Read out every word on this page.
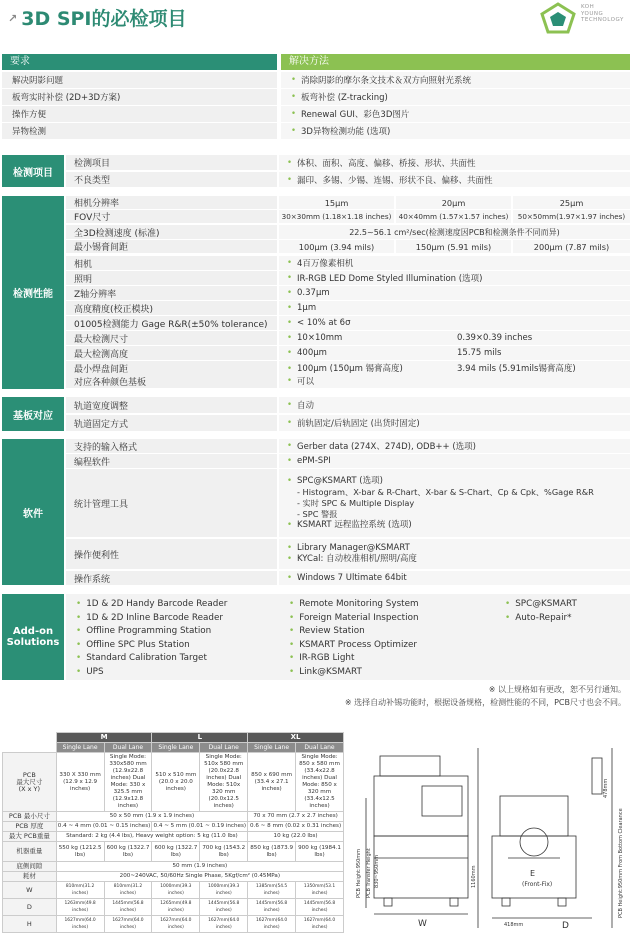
↗ 3D SPI的必检项目
KOH
YOUNG
TECHNOLOGY
要求	解决方法
解决阴影问题	• 消除阴影的摩尔条文技术＆双方向照射光系统
板弯实时补偿 (2D+3D方案)	• 板弯补偿 (Z-tracking)
操作方便	• Renewal GUI、彩色3D图片
异物检测	• 3D异物检测功能 (选项)
检测项目
检测项目	• 体积、面积、高度、偏移、桥接、形状、共面性
不良类型	• 漏印、多锡、少锡、连锡、形状不良、偏移、共面性
检测性能
相机分辨率	15μm	20μm	25μm
FOV尺寸	30×30mm (1.18×1.18 inches)	40×40mm (1.57×1.57 inches)	50×50mm(1.97×1.97 inches)
全3D检测速度 (标准)	22.5~56.1 cm²/sec(检测速度因PCB和检测条件不同而异)
最小锡膏间距	100μm (3.94 mils)	150μm (5.91 mils)	200μm (7.87 mils)
相机	• 4百万像素相机
照明	• IR-RGB LED Dome Styled Illumination (选项)
Z轴分辨率	• 0.37μm
高度精度(校正模块)	• 1μm
01005检测能力 Gage R&R(±50% tolerance)	• < 10% at 6σ
最大检测尺寸	• 10×10mm	0.39×0.39 inches
最大检测高度	• 400μm	15.75 mils
最小焊盘间距	• 100μm (150μm 锡膏高度)	3.94 mils (5.91mils锡膏高度)
对应各种颜色基板	• 可以
基板对应
轨道宽度调整	• 自动
轨道固定方式	• 前轨固定/后轨固定 (出货时固定)
软件
支持的输入格式	• Gerber data (274X、274D), ODB++ (选项)
编程软件	• ePM-SPI
统计管理工具
• SPC@KSMART (选项)
- Histogram、X-bar & R-Chart、X-bar & S-Chart、Cp & Cpk、%Gage R&R
- 实时 SPC & Multiple Display
- SPC 警报
• KSMART 远程监控系统 (选项)
操作便利性
• Library Manager@KSMART
• KYCal: 自动校准相机/照明/高度
操作系统	• Windows 7 Ultimate 64bit
Add-on Solutions
• 1D & 2D Handy Barcode Reader
• 1D & 2D Inline Barcode Reader
• Offline Programming Station
• Offline SPC Plus Station
• Standard Calibration Target
• UPS
• Remote Monitoring System
• Foreign Material Inspection
• Review Station
• KSMART Process Optimizer
• IR-RGB Light
• Link@KSMART
• SPC@KSMART
• Auto-Repair*
※ 以上规格如有更改，恕不另行通知。
※ 选择自动补锡功能时，根据设备规格，检测性能的不同，PCB尺寸也会不同。
	M		L		XL	
	Single Lane	Dual Lane	Single Lane	Dual Lane	Single Lane	Dual Lane
PCB
最大尺寸
(X x Y)	330 X 330 mm (12.9 x 12.9 inches)	Single Mode: 330x580 mm (12.9x22.8 inches) Dual Mode: 330 x 325.5 mm (12.9x12.8 inches)	510 x 510 mm (20.0 x 20.0 inches)	Single Mode: 510x 580 mm (20.0x22.8 inches) Dual Mode: 510x 320 mm (20.0x12.5 inches)	850 x 690 mm (33.4 x 27.1 inches)	Single Mode: 850 x 580 mm (33.4x22.8 inches) Dual Mode: 850 x 320 mm (33.4x12.5 inches)
PCB 最小尺寸	50 x 50 mm (1.9 x 1.9 inches)				70 x 70 mm (2.7 x 2.7 inches)	
PCB 厚度	0.4 ~ 4 mm (0.01 ~ 0.15 inches)		0.4 ~ 5 mm (0.01 ~ 0.19 inches)		0.6 ~ 8 mm (0.02 x 0.31 inches)	
最大 PCB重量	Standard: 2 kg (4.4 lbs), Heavy weight option: 5 kg (11.0 lbs)				10 kg (22.0 lbs)	
机器重量	550 kg (1212.5 lbs)	600 kg (1322.7 lbs)	600 kg (1322.7 lbs)	700 kg (1543.2 lbs)	850 kg (1873.9 lbs)	900 kg (1984.1 lbs)
底侧间隙	50 mm (1.9 inches)					
耗材	200~240VAC, 50/60Hz Single Phase, 5Kgf/cm² (0.45MPa)					
W	810mm(31.2 inches)	810mm(31.2 inches)	1000mm(39.3 inches)	1000mm(39.3 inches)	1385mm(54.5 inches)	1350mm(53.1 inches)
D	1263mm(49.8 inches)	1445mm(56.8 inches)	1265mm(49.8 inches)	1445mm(56.8 inches)	1445mm(56.8 inches)	1445mm(56.8 inches)
H	1627mm(64.0 inches)	1627mm(64.0 inches)	1627mm(64.0 inches)	1627mm(64.0 inches)	1627mm(64.0 inches)	1627mm(64.0 inches)	W	D
E
(Front-Fix)
418mm
1160mm
478mm
PCB Height:950mm PCB Transfer Height 830~950mm	PCB Height:950mm From Bottom Clearance
